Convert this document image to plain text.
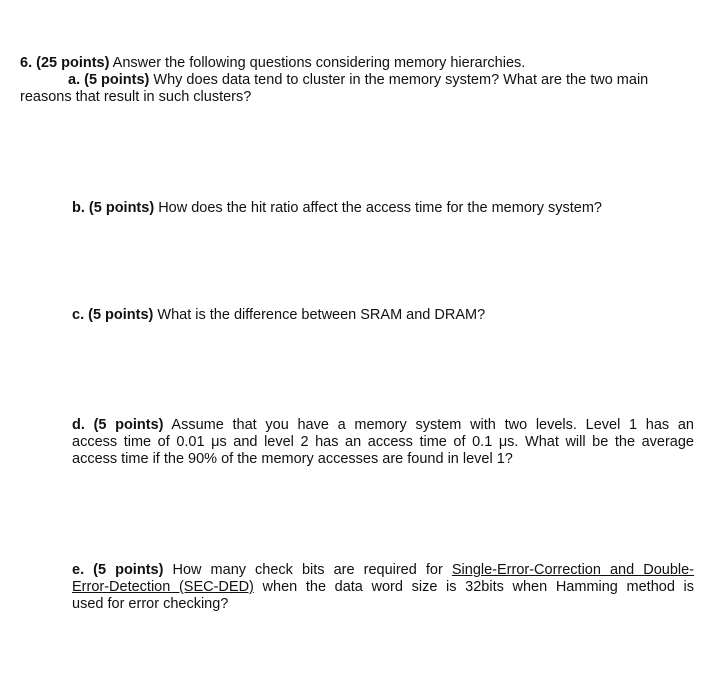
6. (25 points) Answer the following questions considering memory hierarchies.
a. (5 points) Why does data tend to cluster in the memory system? What are the two main
reasons that result in such clusters?
b. (5 points) How does the hit ratio affect the access time for the memory system?
c. (5 points) What is the difference between SRAM and DRAM?
d. (5 points) Assume that you have a memory system with two levels. Level 1 has an
access time of 0.01 μs and level 2 has an access time of 0.1 μs. What will be the average
access time if the 90% of the memory accesses are found in level 1?
e. (5 points) How many check bits are required for Single-Error-Correction and Double-
Error-Detection (SEC-DED) when the data word size is 32bits when Hamming method is
used for error checking?
